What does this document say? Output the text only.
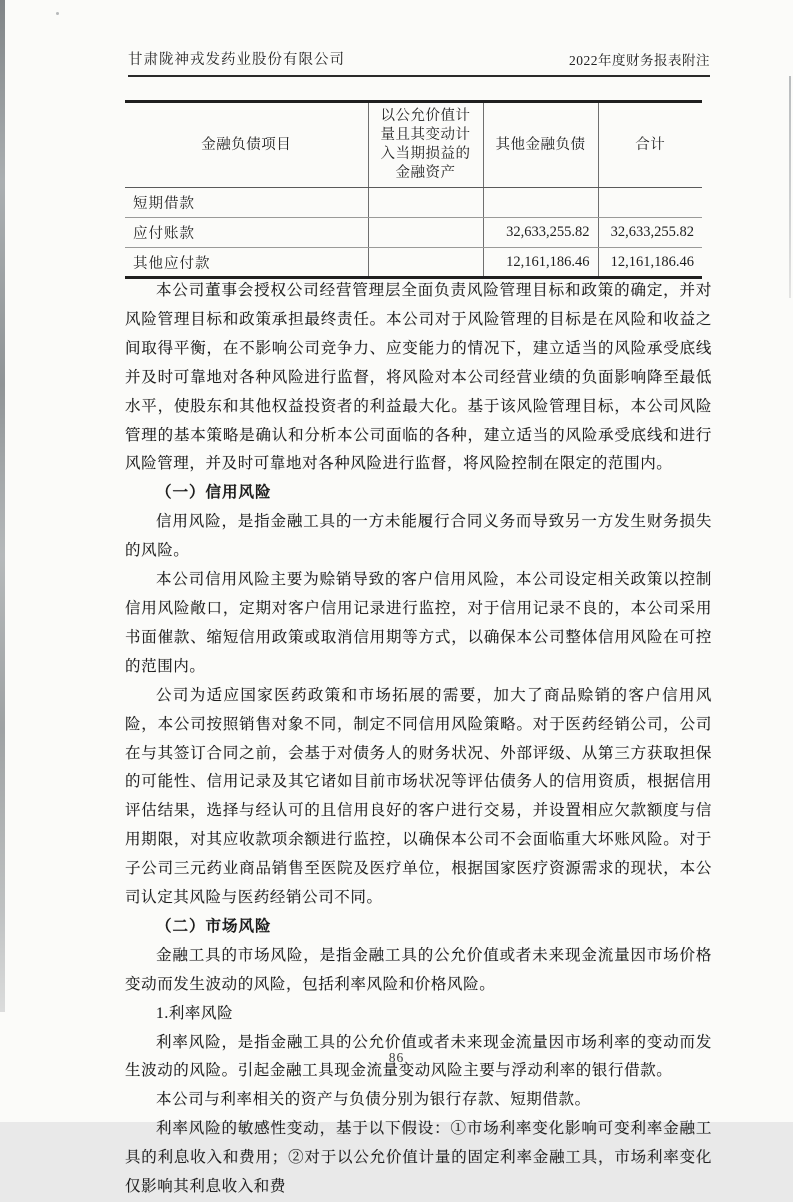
甘肃陇神戎发药业股份有限公司	2022年度财务报表附注
金融负债项目	以公允价值计量且其变动计入当期损益的金融资产	其他金融负债	合计
短期借款			
应付账款		32,633,255.82	32,633,255.82
其他应付款		12,161,186.46	12,161,186.46

本公司董事会授权公司经营管理层全面负责风险管理目标和政策的确定，并对风险管理目标和政策承担最终责任。本公司对于风险管理的目标是在风险和收益之间取得平衡，在不影响公司竞争力、应变能力的情况下，建立适当的风险承受底线并及时可靠地对各种风险进行监督，将风险对本公司经营业绩的负面影响降至最低水平，使股东和其他权益投资者的利益最大化。基于该风险管理目标，本公司风险管理的基本策略是确认和分析本公司面临的各种，建立适当的风险承受底线和进行风险管理，并及时可靠地对各种风险进行监督，将风险控制在限定的范围内。

（一）信用风险

信用风险，是指金融工具的一方未能履行合同义务而导致另一方发生财务损失的风险。

本公司信用风险主要为赊销导致的客户信用风险，本公司设定相关政策以控制信用风险敞口，定期对客户信用记录进行监控，对于信用记录不良的，本公司采用书面催款、缩短信用政策或取消信用期等方式，以确保本公司整体信用风险在可控的范围内。

公司为适应国家医药政策和市场拓展的需要，加大了商品赊销的客户信用风险，本公司按照销售对象不同，制定不同信用风险策略。对于医药经销公司，公司在与其签订合同之前，会基于对债务人的财务状况、外部评级、从第三方获取担保的可能性、信用记录及其它诸如目前市场状况等评估债务人的信用资质，根据信用评估结果，选择与经认可的且信用良好的客户进行交易，并设置相应欠款额度与信用期限，对其应收款项余额进行监控，以确保本公司不会面临重大坏账风险。对于子公司三元药业商品销售至医院及医疗单位，根据国家医疗资源需求的现状，本公司认定其风险与医药经销公司不同。

（二）市场风险

金融工具的市场风险，是指金融工具的公允价值或者未来现金流量因市场价格变动而发生波动的风险，包括利率风险和价格风险。

1.利率风险

利率风险，是指金融工具的公允价值或者未来现金流量因市场利率的变动而发生波动的风险。引起金融工具现金流量变动风险主要与浮动利率的银行借款。

本公司与利率相关的资产与负债分别为银行存款、短期借款。

利率风险的敏感性变动，基于以下假设：①市场利率变化影响可变利率金融工具的利息收入和费用；②对于以公允价值计量的固定利率金融工具，市场利率变化仅影响其利息收入和费

86
